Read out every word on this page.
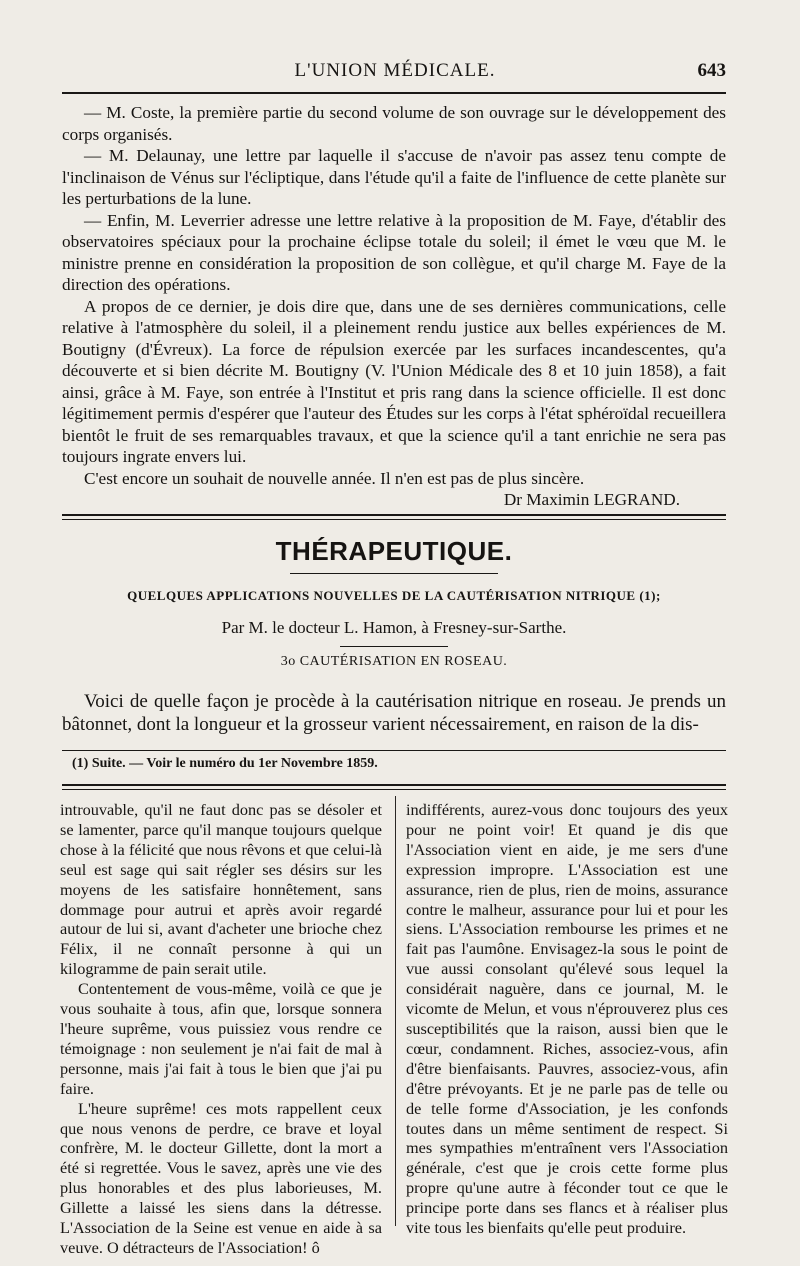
L'UNION MÉDICALE.	643

— M. Coste, la première partie du second volume de son ouvrage sur le développement des corps organisés.

— M. Delaunay, une lettre par laquelle il s'accuse de n'avoir pas assez tenu compte de l'inclinaison de Vénus sur l'écliptique, dans l'étude qu'il a faite de l'influence de cette planète sur les perturbations de la lune.

— Enfin, M. Leverrier adresse une lettre relative à la proposition de M. Faye, d'établir des observatoires spéciaux pour la prochaine éclipse totale du soleil; il émet le vœu que M. le ministre prenne en considération la proposition de son collègue, et qu'il charge M. Faye de la direction des opérations.

A propos de ce dernier, je dois dire que, dans une de ses dernières communications, celle relative à l'atmosphère du soleil, il a pleinement rendu justice aux belles expériences de M. Boutigny (d'Évreux). La force de répulsion exercée par les surfaces incandescentes, qu'a découverte et si bien décrite M. Boutigny (V. l'Union Médicale des 8 et 10 juin 1858), a fait ainsi, grâce à M. Faye, son entrée à l'Institut et pris rang dans la science officielle. Il est donc légitimement permis d'espérer que l'auteur des Études sur les corps à l'état sphéroïdal recueillera bientôt le fruit de ses remarquables travaux, et que la science qu'il a tant enrichie ne sera pas toujours ingrate envers lui.

C'est encore un souhait de nouvelle année. Il n'en est pas de plus sincère.

Dr Maximin LEGRAND.

THÉRAPEUTIQUE.
QUELQUES APPLICATIONS NOUVELLES DE LA CAUTÉRISATION NITRIQUE (1);
Par M. le docteur L. Hamon, à Fresney-sur-Sarthe.
3o CAUTÉRISATION EN ROSEAU.

Voici de quelle façon je procède à la cautérisation nitrique en roseau. Je prends un bâtonnet, dont la longueur et la grosseur varient nécessairement, en raison de la dis-

(1) Suite. — Voir le numéro du 1er Novembre 1859.

introuvable, qu'il ne faut donc pas se désoler et se lamenter, parce qu'il manque toujours quelque chose à la félicité que nous rêvons et que celui-là seul est sage qui sait régler ses désirs sur les moyens de les satisfaire honnêtement, sans dommage pour autrui et après avoir regardé autour de lui si, avant d'acheter une brioche chez Félix, il ne connaît personne à qui un kilogramme de pain serait utile.

Contentement de vous-même, voilà ce que je vous souhaite à tous, afin que, lorsque sonnera l'heure suprême, vous puissiez vous rendre ce témoignage : non seulement je n'ai fait de mal à personne, mais j'ai fait à tous le bien que j'ai pu faire.

L'heure suprême! ces mots rappellent ceux que nous venons de perdre, ce brave et loyal confrère, M. le docteur Gillette, dont la mort a été si regrettée. Vous le savez, après une vie des plus honorables et des plus laborieuses, M. Gillette a laissé les siens dans la détresse. L'Association de la Seine est venue en aide à sa veuve. O détracteurs de l'Association! ô

indifférents, aurez-vous donc toujours des yeux pour ne point voir! Et quand je dis que l'Association vient en aide, je me sers d'une expression impropre. L'Association est une assurance, rien de plus, rien de moins, assurance contre le malheur, assurance pour lui et pour les siens. L'Association rembourse les primes et ne fait pas l'aumône. Envisagez-la sous le point de vue aussi consolant qu'élevé sous lequel la considérait naguère, dans ce journal, M. le vicomte de Melun, et vous n'éprouverez plus ces susceptibilités que la raison, aussi bien que le cœur, condamnent. Riches, associez-vous, afin d'être bienfaisants. Pauvres, associez-vous, afin d'être prévoyants. Et je ne parle pas de telle ou de telle forme d'Association, je les confonds toutes dans un même sentiment de respect. Si mes sympathies m'entraînent vers l'Association générale, c'est que je crois cette forme plus propre qu'une autre à féconder tout ce que le principe porte dans ses flancs et à réaliser plus vite tous les bienfaits qu'elle peut produire.
